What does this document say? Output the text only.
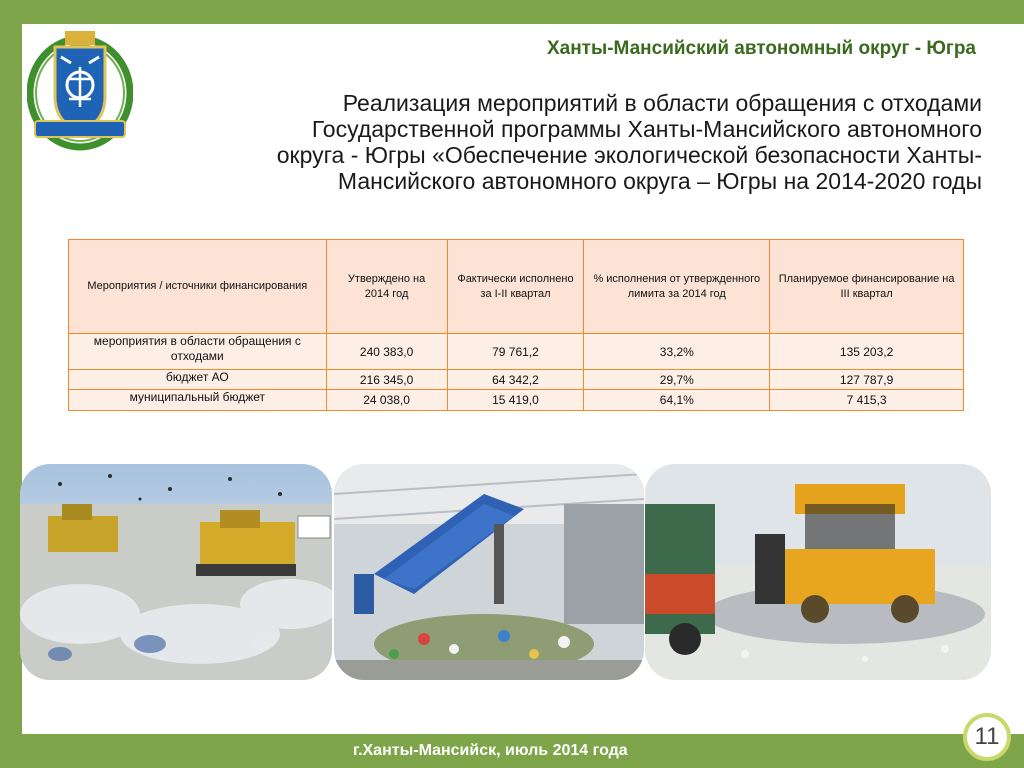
Ханты-Мансийский автономный округ - Югра
Реализация мероприятий в области обращения с отходами
Государственной программы Ханты-Мансийского автономного
округа - Югры «Обеспечение экологической безопасности Ханты-
Мансийского автономного округа – Югры на 2014-2020 годы
Мероприятия / источники финансирования	Утверждено на 2014 год	Фактически исполнено за I-II квартал	% исполнения от утвержденного лимита за 2014 год	Планируемое финансирование на III квартал
мероприятия в области обращения с отходами	240 383,0	79 761,2	33,2%	135 203,2
бюджет АО	216 345,0	64 342,2	29,7%	127 787,9
муниципальный бюджет	24 038,0	15 419,0	64,1%	7 415,3
г.Ханты-Мансийск, июль 2014 года
11
